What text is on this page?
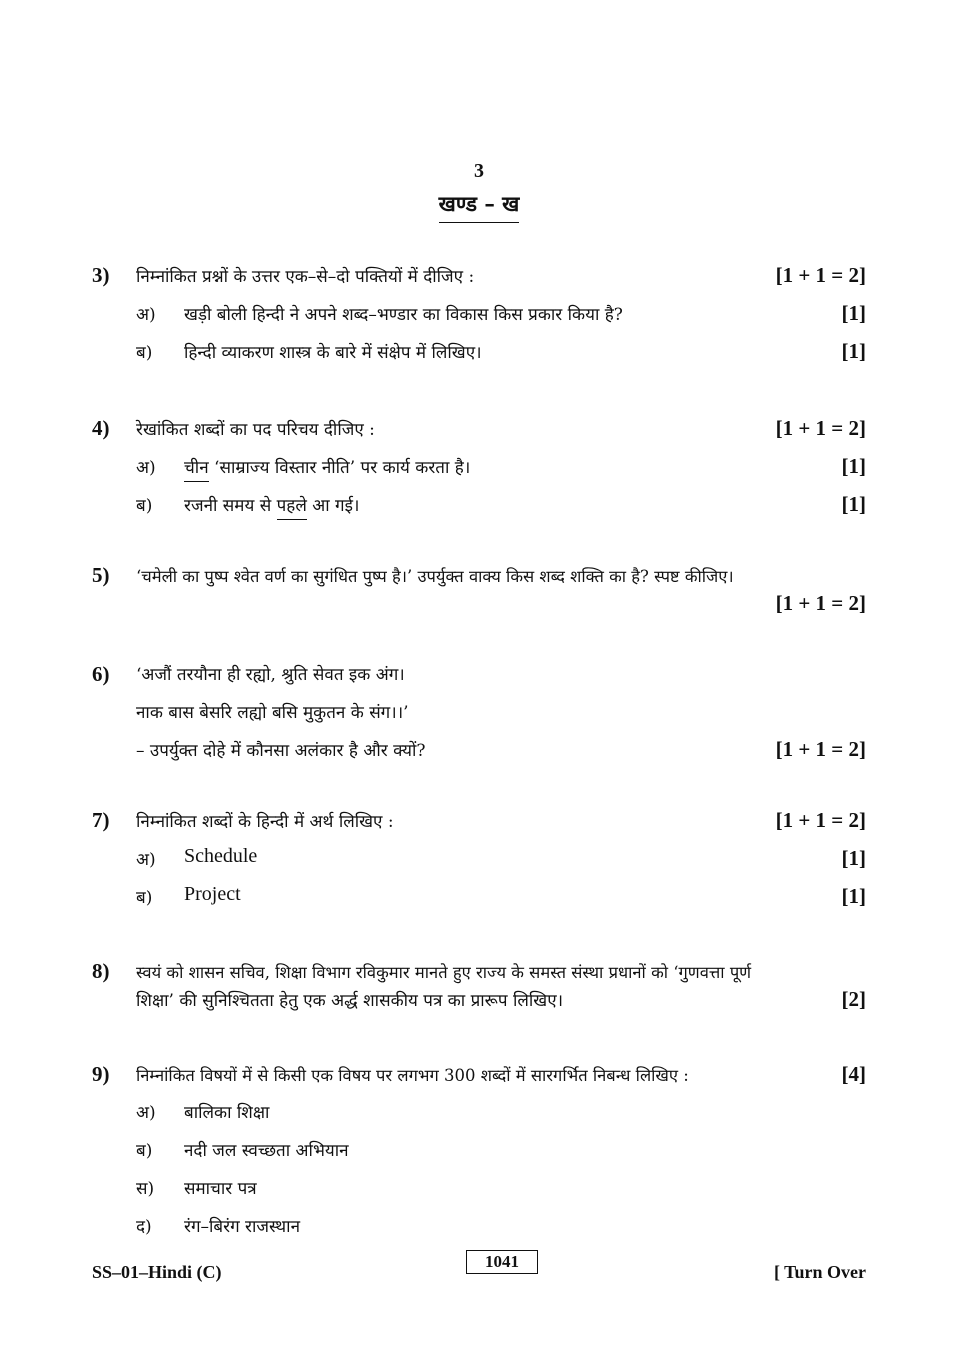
3
खण्ड – ख
3)	निम्नांकित प्रश्नों के उत्तर एक–से–दो पक्तियों में दीजिए :	[1 + 1 = 2]
अ)	खड़ी बोली हिन्दी ने अपने शब्द–भण्डार का विकास किस प्रकार किया है?	[1]
ब)	हिन्दी व्याकरण शास्त्र के बारे में संक्षेप में लिखिए।	[1]
4)	रेखांकित शब्दों का पद परिचय दीजिए :	[1 + 1 = 2]
अ)	चीन ‘साम्राज्य विस्तार नीति’ पर कार्य करता है।	[1]
ब)	रजनी समय से पहले आ गई।	[1]
5)	‘चमेली का पुष्प श्वेत वर्ण का सुगंधित पुष्प है।’ उपर्युक्त वाक्य किस शब्द शक्ति का है? स्पष्ट कीजिए।
[1 + 1 = 2]
6)	‘अजौं तरयौना ही रह्यो, श्रुति सेवत इक अंग।
नाक बास बेसरि लह्यो बसि मुकुतन के संग।।’
– उपर्युक्त दोहे में कौनसा अलंकार है और क्यों?	[1 + 1 = 2]
7)	निम्नांकित शब्दों के हिन्दी में अर्थ लिखिए :	[1 + 1 = 2]
अ)	Schedule	[1]
ब)	Project	[1]
8)	स्वयं को शासन सचिव, शिक्षा विभाग रविकुमार मानते हुए राज्य के समस्त संस्था प्रधानों को ‘गुणवत्ता पूर्ण
शिक्षा’ की सुनिश्चितता हेतु एक अर्द्ध शासकीय पत्र का प्रारूप लिखिए।	[2]
9)	निम्नांकित विषयों में से किसी एक विषय पर लगभग 300 शब्दों में सारगर्भित निबन्ध लिखिए :	[4]
अ)	बालिका शिक्षा
ब)	नदी जल स्वच्छता अभियान
स)	समाचार पत्र
द)	रंग–बिरंग राजस्थान
SS–01–Hindi (C)
1041
[ Turn Over
